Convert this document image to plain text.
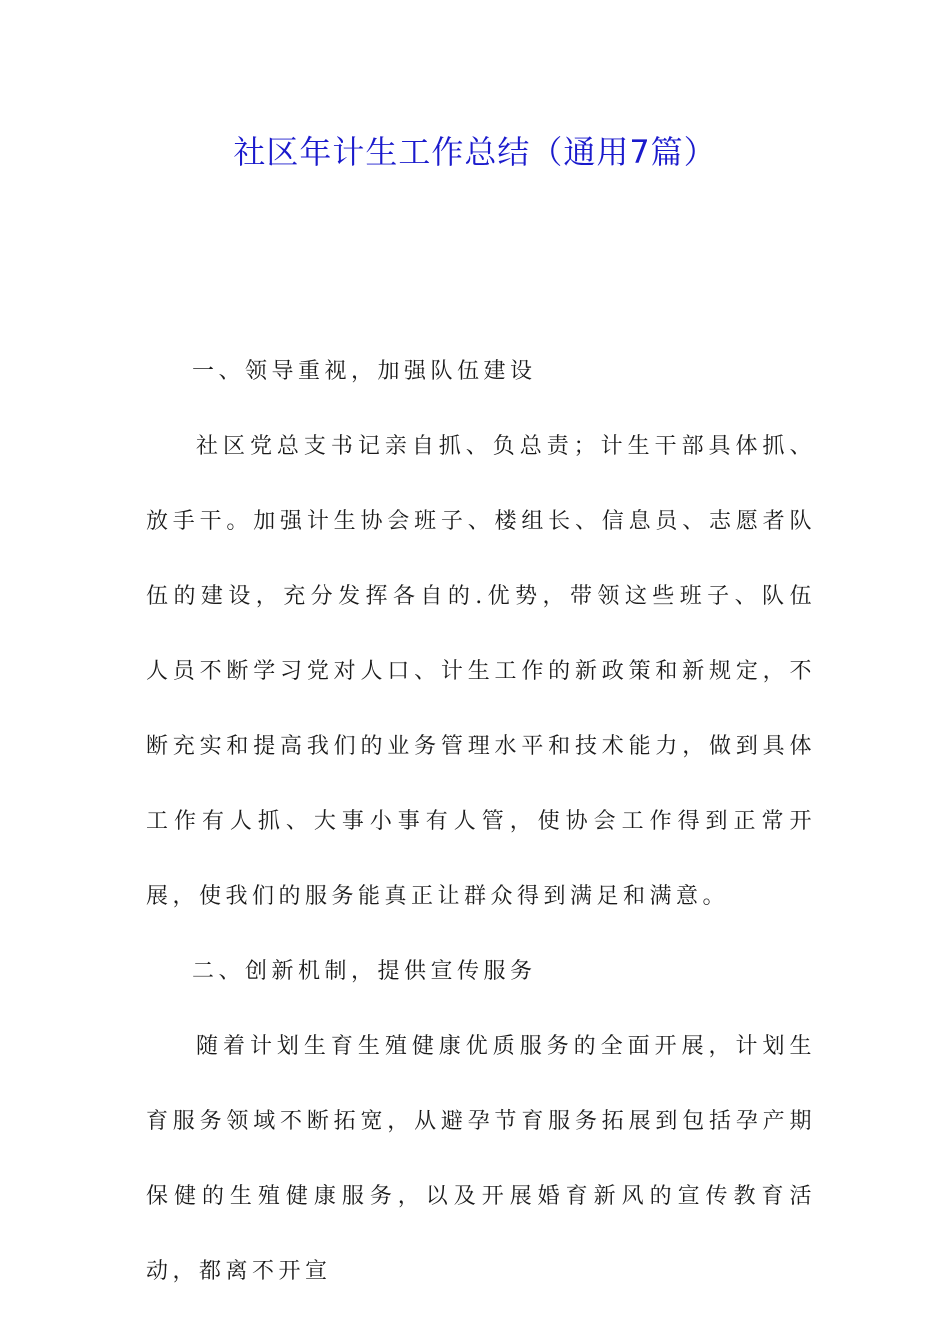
社区年计生工作总结（通用7篇）

一、领导重视，加强队伍建设

社区党总支书记亲自抓、负总责；计生干部具体抓、放手干。加强计生协会班子、楼组长、信息员、志愿者队伍的建设，充分发挥各自的.优势，带领这些班子、队伍人员不断学习党对人口、计生工作的新政策和新规定，不断充实和提高我们的业务管理水平和技术能力，做到具体工作有人抓、大事小事有人管，使协会工作得到正常开展，使我们的服务能真正让群众得到满足和满意。

二、创新机制，提供宣传服务

随着计划生育生殖健康优质服务的全面开展，计划生育服务领域不断拓宽，从避孕节育服务拓展到包括孕产期保健的生殖健康服务，以及开展婚育新风的宣传教育活动，都离不开宣
